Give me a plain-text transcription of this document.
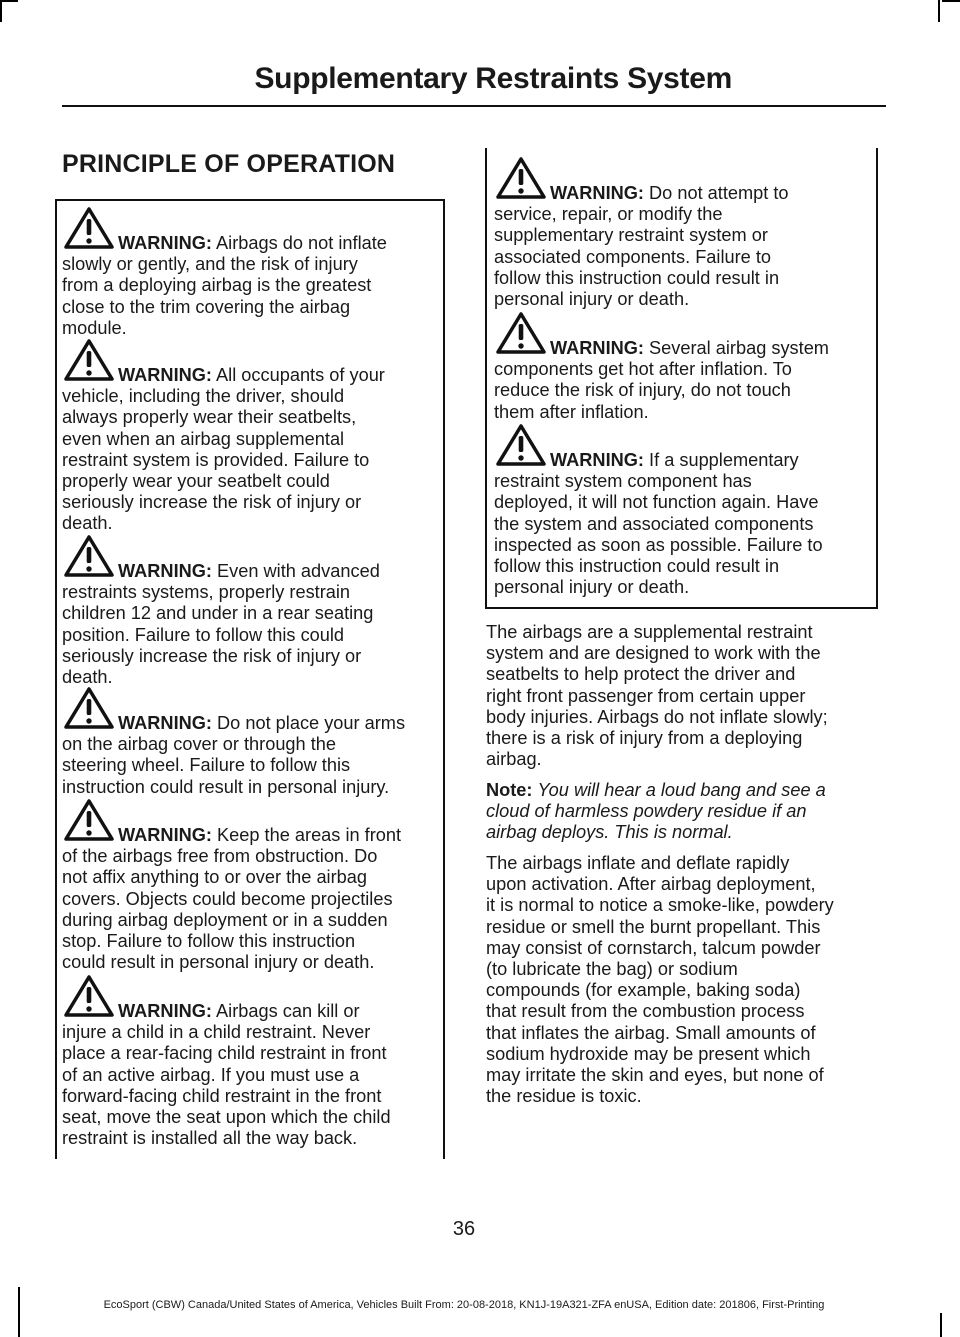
Supplementary Restraints System
PRINCIPLE OF OPERATION
WARNING: Airbags do not inflate
slowly or gently, and the risk of injury
from a deploying airbag is the greatest
close to the trim covering the airbag
module.
WARNING: All occupants of your
vehicle, including the driver, should
always properly wear their seatbelts,
even when an airbag supplemental
restraint system is provided. Failure to
properly wear your seatbelt could
seriously increase the risk of injury or
death.
WARNING: Even with advanced
restraints systems, properly restrain
children 12 and under in a rear seating
position. Failure to follow this could
seriously increase the risk of injury or
death.
WARNING: Do not place your arms
on the airbag cover or through the
steering wheel. Failure to follow this
instruction could result in personal injury.
WARNING: Keep the areas in front
of the airbags free from obstruction. Do
not affix anything to or over the airbag
covers. Objects could become projectiles
during airbag deployment or in a sudden
stop. Failure to follow this instruction
could result in personal injury or death.
WARNING: Airbags can kill or
injure a child in a child restraint. Never
place a rear-facing child restraint in front
of an active airbag. If you must use a
forward-facing child restraint in the front
seat, move the seat upon which the child
restraint is installed all the way back.
WARNING: Do not attempt to
service, repair, or modify the
supplementary restraint system or
associated components. Failure to
follow this instruction could result in
personal injury or death.
WARNING: Several airbag system
components get hot after inflation. To
reduce the risk of injury, do not touch
them after inflation.
WARNING: If a supplementary
restraint system component has
deployed, it will not function again. Have
the system and associated components
inspected as soon as possible. Failure to
follow this instruction could result in
personal injury or death.
The airbags are a supplemental restraint
system and are designed to work with the
seatbelts to help protect the driver and
right front passenger from certain upper
body injuries. Airbags do not inflate slowly;
there is a risk of injury from a deploying
airbag.
Note: You will hear a loud bang and see a
cloud of harmless powdery residue if an
airbag deploys. This is normal.
The airbags inflate and deflate rapidly
upon activation. After airbag deployment,
it is normal to notice a smoke-like, powdery
residue or smell the burnt propellant. This
may consist of cornstarch, talcum powder
(to lubricate the bag) or sodium
compounds (for example, baking soda)
that result from the combustion process
that inflates the airbag. Small amounts of
sodium hydroxide may be present which
may irritate the skin and eyes, but none of
the residue is toxic.
36
EcoSport (CBW) Canada/United States of America, Vehicles Built From: 20-08-2018, KN1J-19A321-ZFA enUSA, Edition date: 201806, First-Printing
